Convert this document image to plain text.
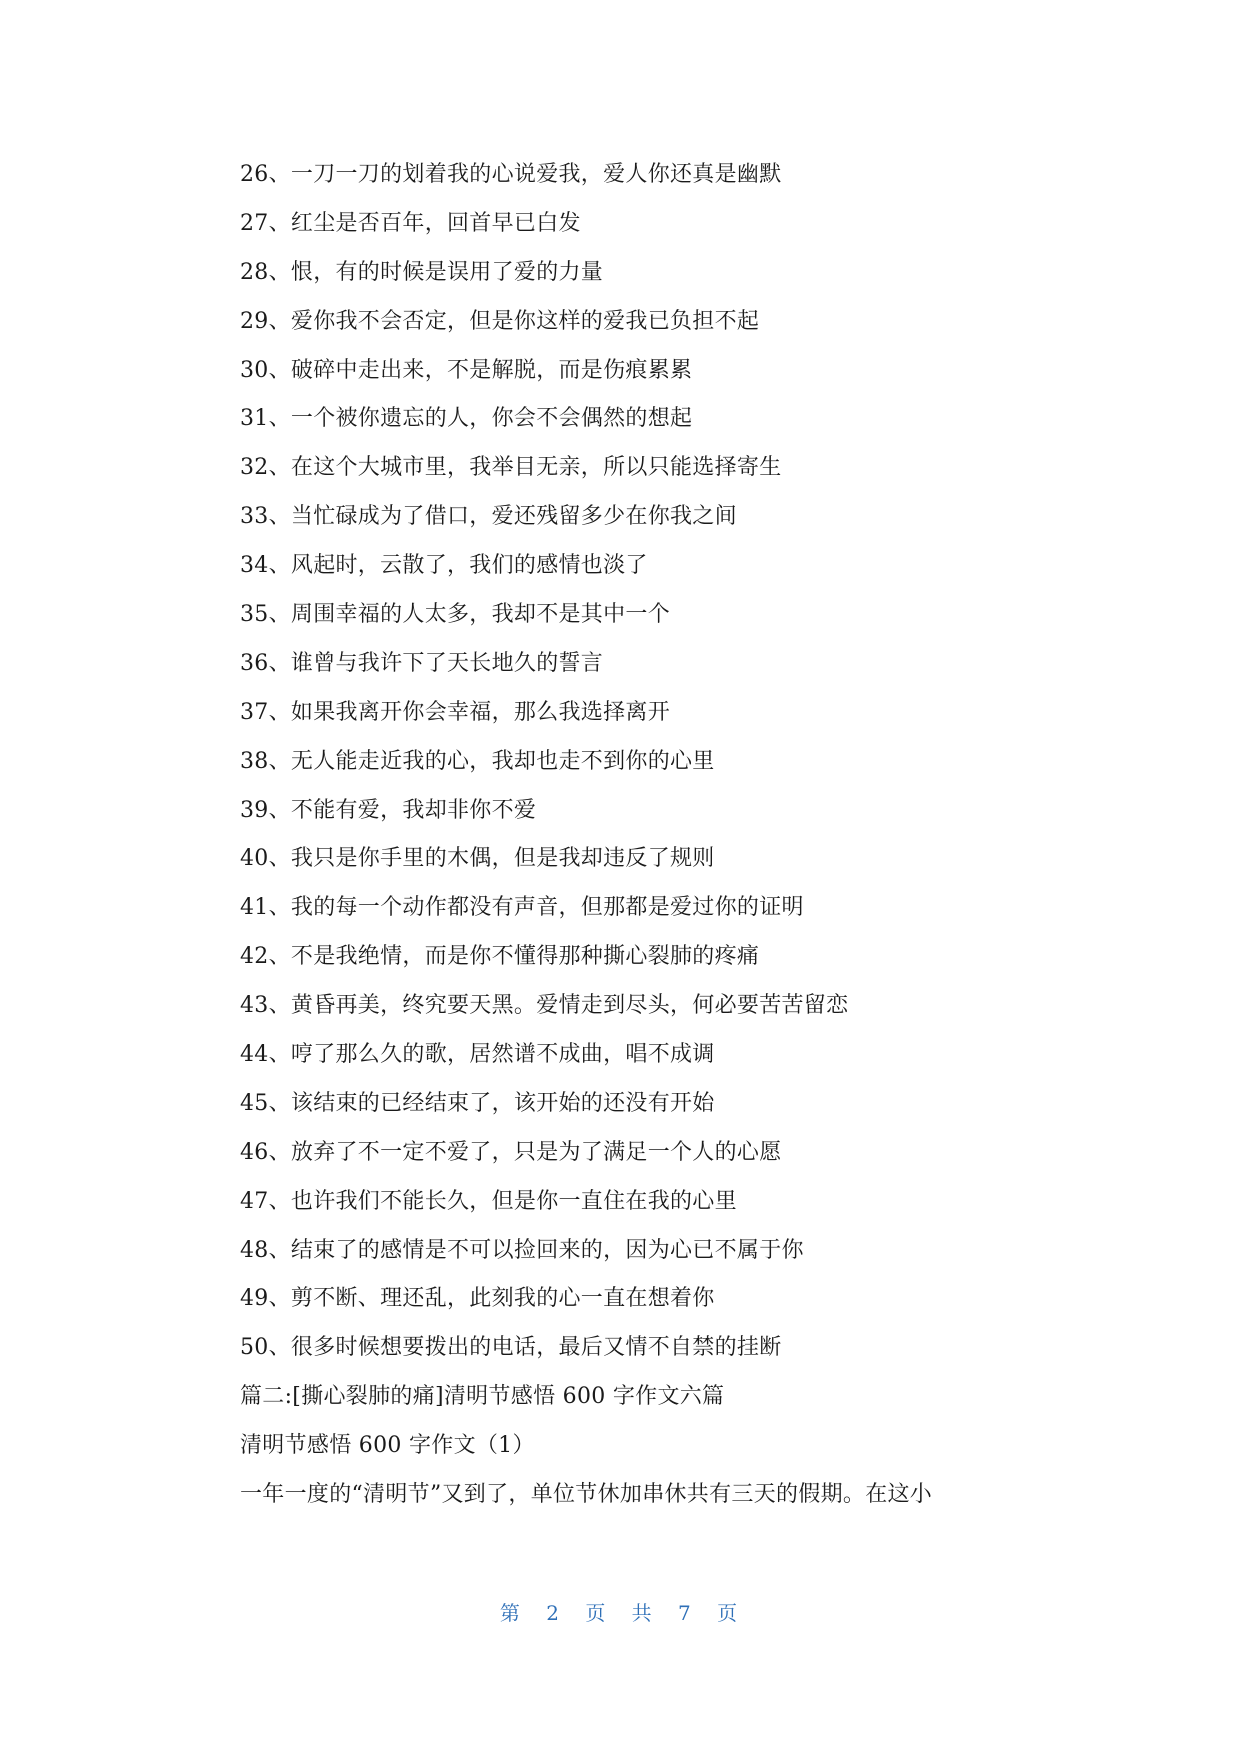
26、一刀一刀的划着我的心说爱我，爱人你还真是幽默
27、红尘是否百年，回首早已白发
28、恨，有的时候是误用了爱的力量
29、爱你我不会否定，但是你这样的爱我已负担不起
30、破碎中走出来，不是解脱，而是伤痕累累
31、一个被你遗忘的人，你会不会偶然的想起
32、在这个大城市里，我举目无亲，所以只能选择寄生
33、当忙碌成为了借口，爱还残留多少在你我之间
34、风起时，云散了，我们的感情也淡了
35、周围幸福的人太多，我却不是其中一个
36、谁曾与我许下了天长地久的誓言
37、如果我离开你会幸福，那么我选择离开
38、无人能走近我的心，我却也走不到你的心里
39、不能有爱，我却非你不爱
40、我只是你手里的木偶，但是我却违反了规则
41、我的每一个动作都没有声音，但那都是爱过你的证明
42、不是我绝情，而是你不懂得那种撕心裂肺的疼痛
43、黄昏再美，终究要天黑。爱情走到尽头，何必要苦苦留恋
44、哼了那么久的歌，居然谱不成曲，唱不成调
45、该结束的已经结束了，该开始的还没有开始
46、放弃了不一定不爱了，只是为了满足一个人的心愿
47、也许我们不能长久，但是你一直住在我的心里
48、结束了的感情是不可以捡回来的，因为心已不属于你
49、剪不断、理还乱，此刻我的心一直在想着你
50、很多时候想要拨出的电话，最后又情不自禁的挂断
篇二:[撕心裂肺的痛]清明节感悟 600 字作文六篇
清明节感悟 600 字作文（1）
一年一度的“清明节”又到了，单位节休加串休共有三天的假期。在这小
第 2 页 共 7 页
